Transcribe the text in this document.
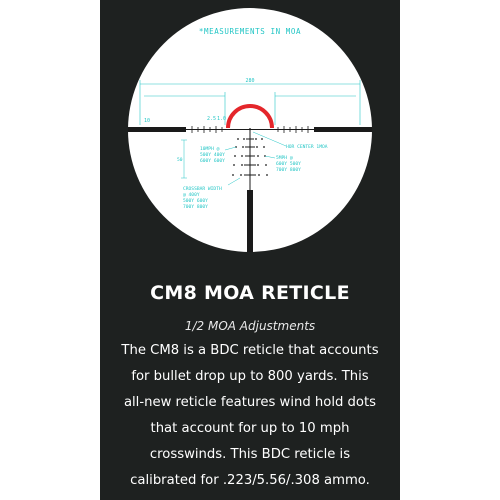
*MEASUREMENTS IN MOA
280
10	2.5 1.0
HOR CENTER 1MOA
10MPH @
500Y 400Y
600Y 600Y
5MPH @
600Y 500Y
700Y 800Y
50
CROSSBAR WIDTH
@ 400Y
500Y 600Y
700Y 800Y
CM8 MOA RETICLE
1/2 MOA Adjustments
The CM8 is a BDC reticle that accounts
for bullet drop up to 800 yards. This
all-new reticle features wind hold dots
that account for up to 10 mph
crosswinds. This BDC reticle is
calibrated for .223/5.56/.308 ammo.
